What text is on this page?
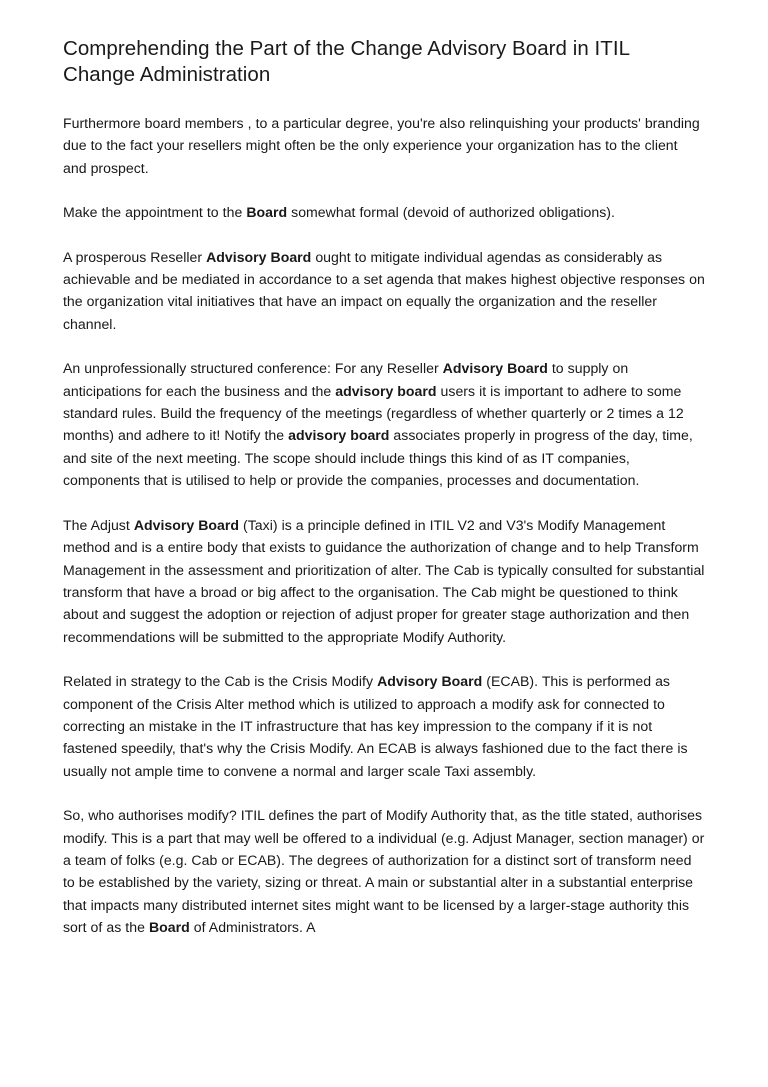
Comprehending the Part of the Change Advisory Board in ITIL Change Administration

Furthermore board members , to a particular degree, you're also relinquishing your products' branding due to the fact your resellers might often be the only experience your organization has to the client and prospect.

Make the appointment to the Board somewhat formal (devoid of authorized obligations).

A prosperous Reseller Advisory Board ought to mitigate individual agendas as considerably as achievable and be mediated in accordance to a set agenda that makes highest objective responses on the organization vital initiatives that have an impact on equally the organization and the reseller channel.

An unprofessionally structured conference: For any Reseller Advisory Board to supply on anticipations for each the business and the advisory board users it is important to adhere to some standard rules. Build the frequency of the meetings (regardless of whether quarterly or 2 times a 12 months) and adhere to it! Notify the advisory board associates properly in progress of the day, time, and site of the next meeting. The scope should include things this kind of as IT companies, components that is utilised to help or provide the companies, processes and documentation.

The Adjust Advisory Board (Taxi) is a principle defined in ITIL V2 and V3's Modify Management method and is a entire body that exists to guidance the authorization of change and to help Transform Management in the assessment and prioritization of alter. The Cab is typically consulted for substantial transform that have a broad or big affect to the organisation. The Cab might be questioned to think about and suggest the adoption or rejection of adjust proper for greater stage authorization and then recommendations will be submitted to the appropriate Modify Authority.

Related in strategy to the Cab is the Crisis Modify Advisory Board (ECAB). This is performed as component of the Crisis Alter method which is utilized to approach a modify ask for connected to correcting an mistake in the IT infrastructure that has key impression to the company if it is not fastened speedily, that's why the Crisis Modify. An ECAB is always fashioned due to the fact there is usually not ample time to convene a normal and larger scale Taxi assembly.

So, who authorises modify? ITIL defines the part of Modify Authority that, as the title stated, authorises modify. This is a part that may well be offered to a individual (e.g. Adjust Manager, section manager) or a team of folks (e.g. Cab or ECAB). The degrees of authorization for a distinct sort of transform need to be established by the variety, sizing or threat. A main or substantial alter in a substantial enterprise that impacts many distributed internet sites might want to be licensed by a larger-stage authority this sort of as the Board of Administrators. A
